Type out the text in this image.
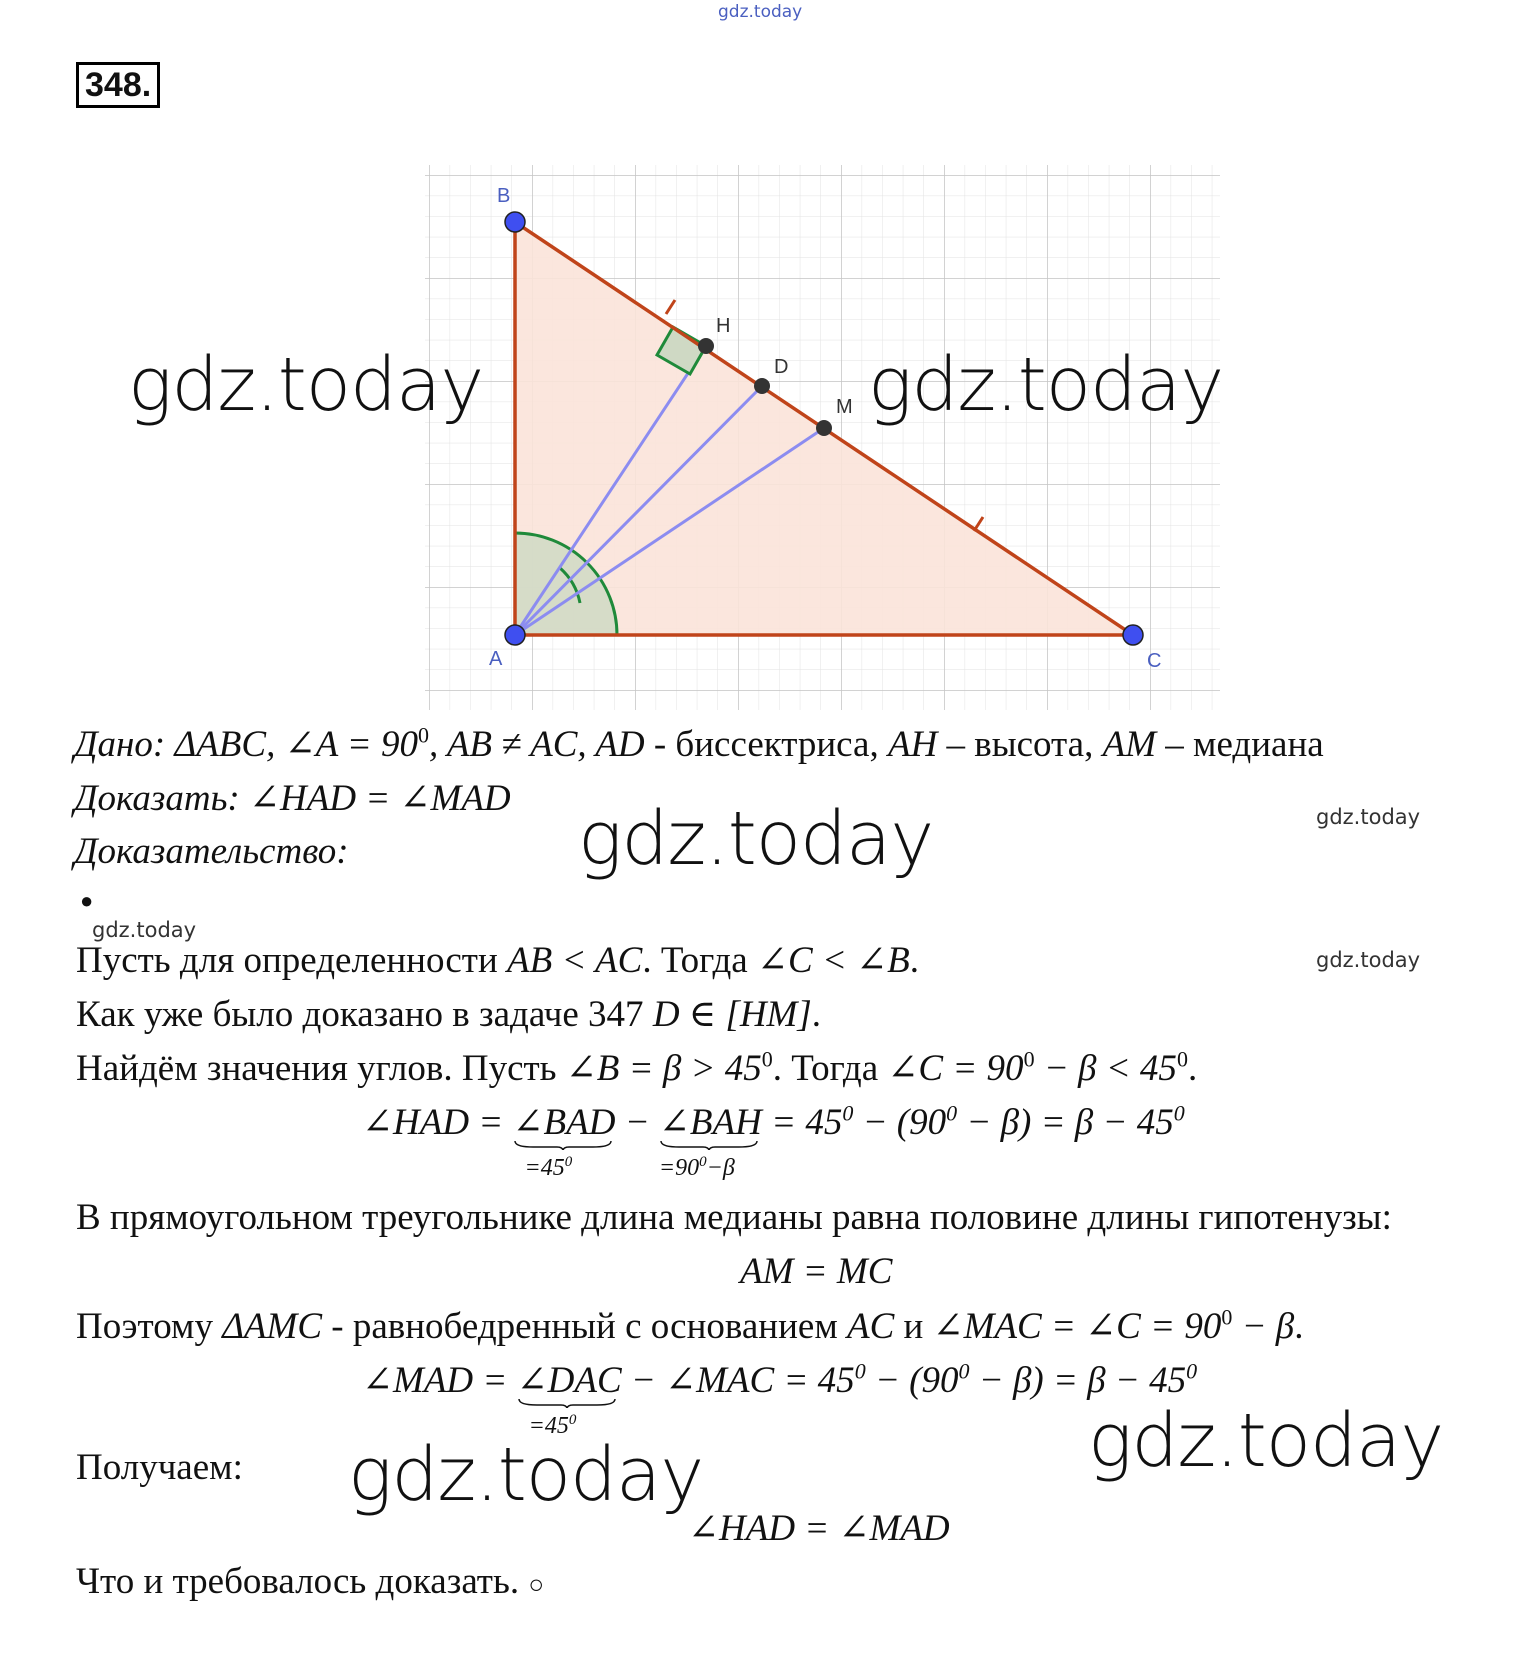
gdz.today
348.
B
A	C
H
D
M
gdz.today	gdz.today
Дано: ΔABC, ∠A = $90^0$, AB ≠ AC, AD - биссектриса, AH – высота, AM – медиана
Доказать: ∠HAD = ∠MAD
Доказательство:	gdz.today	gdz.today
●
gdz.today
gdz.today
Пусть для определенности AB < AC. Тогда ∠C < ∠B.
Как уже было доказано в задаче 347 D ∈ [HM].
Найдём значения углов. Пусть ∠B = $\beta > 45^0$. Тогда ∠C = $90^0 - \beta < 45^0$.
∠HAD = ∠BAD
$=45^0$
− ∠BAH
$=90^0-\beta$
= $45^0 - (90^0 - \beta) = \beta - 45^0$
В прямоугольном треугольнике длина медианы равна половине длины гипотенузы:
AM = MC
Поэтому ΔAMC - равнобедренный с основанием AC и ∠MAC = ∠C = $90^0 - \beta$.
∠MAD = ∠DAC
$=45^0$
− ∠MAC = $45^0 - (90^0 - \beta) = \beta - 45^0$
gdz.today
Получаем: gdz.today
∠HAD = ∠MAD
Что и требовалось доказать. ○
